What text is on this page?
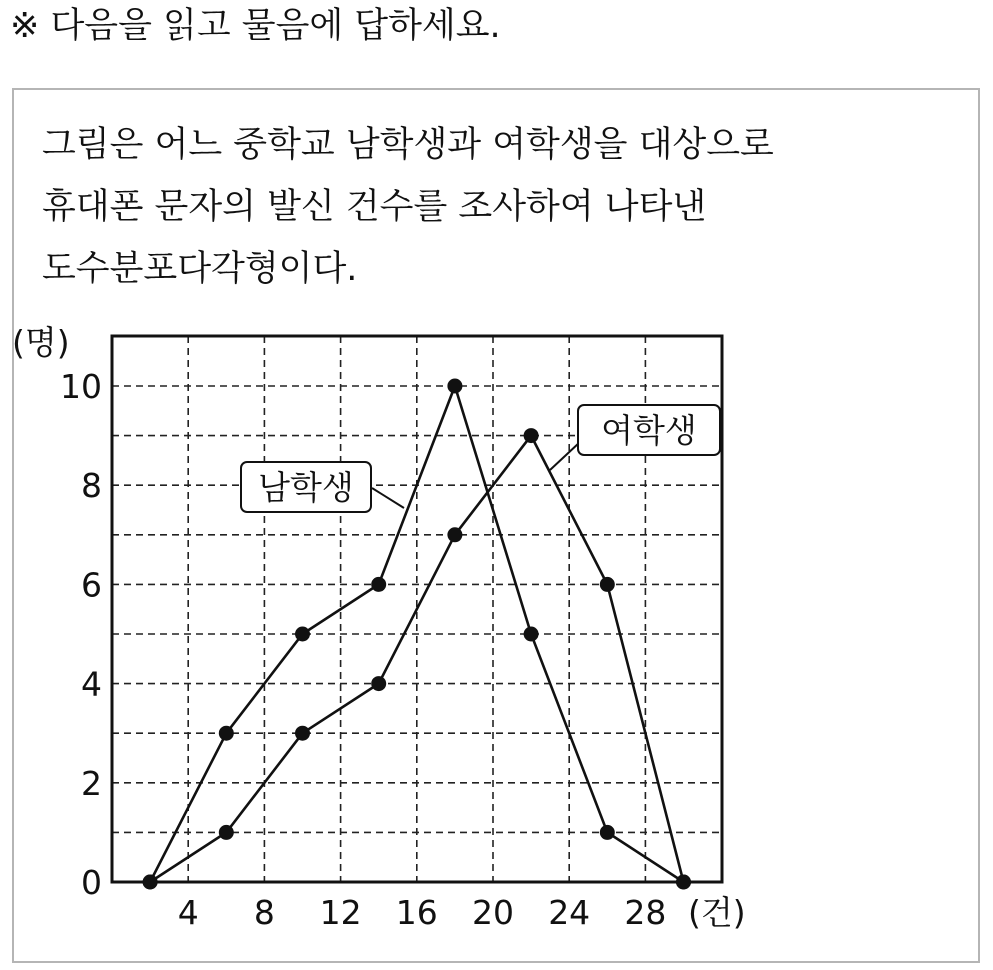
※ 다음을 읽고 물음에 답하세요.
그림은 어느 중학교 남학생과 여학생을 대상으로
휴대폰 문자의 발신 건수를 조사하여 나타낸
도수분포다각형이다.
0
2
4
6
8
10
4 8 12 16 20 24 28
(명)
(건)
남학생
여학생
